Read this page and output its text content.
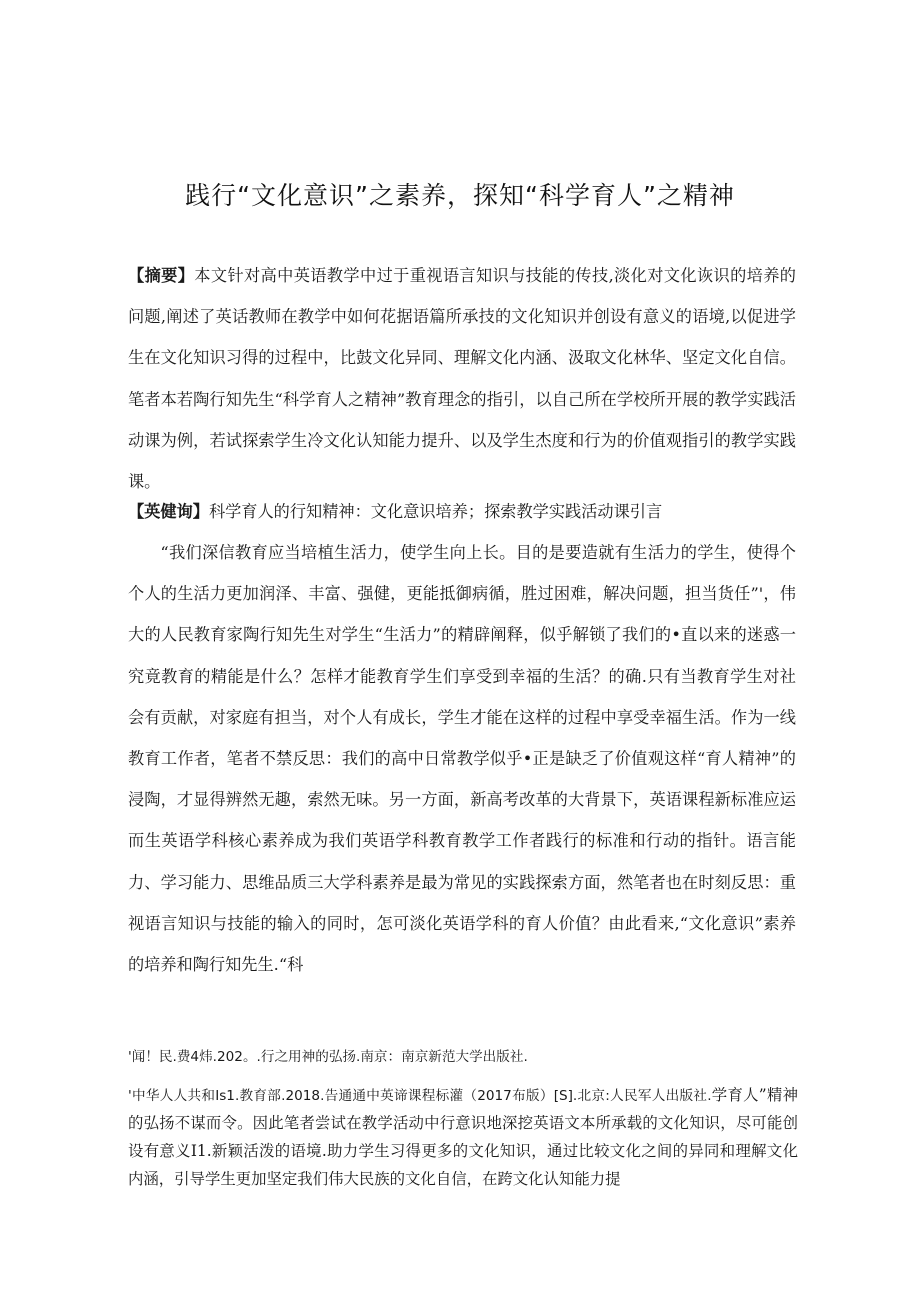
践行“文化意识”之素养，探知“科学育人”之精神

【摘要】本文针对高中英语教学中过于重视语言知识与技能的传技,淡化对文化诙识的培养的问题,阐述了英话教师在教学中如何花据语篇所承技的文化知识并创设有意义的语境,以促进学生在文化知识习得的过程中，比鼓文化异同、理解文化内涵、汲取文化林华、坚定文化自信。笔者本若陶行知先生“科学育人之精神”教育理念的指引，以自己所在学校所开展的教学实践活动课为例，若试探索学生冷文化认知能力提升、以及学生杰度和行为的价值观指引的教学实践课。

【英健询】科学育人的行知精神：文化意识培养；探索教学实践活动课引言

“我们深信教育应当培植生活力，使学生向上长。目的是要造就有生活力的学生，使得个个人的生活力更加润泽、丰富、强健，更能抵御病循，胜过困难，解决问题，担当货任”'，伟大的人民教育家陶行知先生对学生“生活力”的精辟阐释，似乎解锁了我们的•直以来的迷惑一究竟教育的精能是什么？怎样才能教育学生们享受到幸福的生活？的确.只有当教育学生对社会有贡献，对家庭有担当，对个人有成长，学生才能在这样的过程中享受幸福生活。作为一线教育工作者，笔者不禁反思：我们的高中日常教学似乎•正是缺乏了价值观这样“育人精神”的浸陶，才显得辨然无趣，索然无味。另一方面，新高考改革的大背景下，英语课程新标准应运而生英语学科核心素养成为我们英语学科教育教学工作者践行的标准和行动的指针。语言能力、学习能力、思维品质三大学科素养是最为常见的实践探索方面，然笔者也在时刻反思：重视语言知识与技能的输入的同时，怎可淡化英语学科的育人价值？由此看来,“文化意识”素养的培养和陶行知先生.“科

'闻！民.费4炜.202。.行之用神的弘扬.南京：南京新范大学出版社.

'中华人人共和Is1.教育部.2018.告通通中英谛课程标灌（2017布版）[S].北京:人民军人出版社.学育人”精神的弘扬不谋而令。因此笔者尝试在教学活动中行意识地深挖英语文本所承载的文化知识，尽可能创设有意义I1.新颖活泼的语境.助力学生习得更多的文化知识，通过比较文化之间的异同和理解文化内涵，引导学生更加坚定我们伟大民族的文化自信，在跨文化认知能力提
